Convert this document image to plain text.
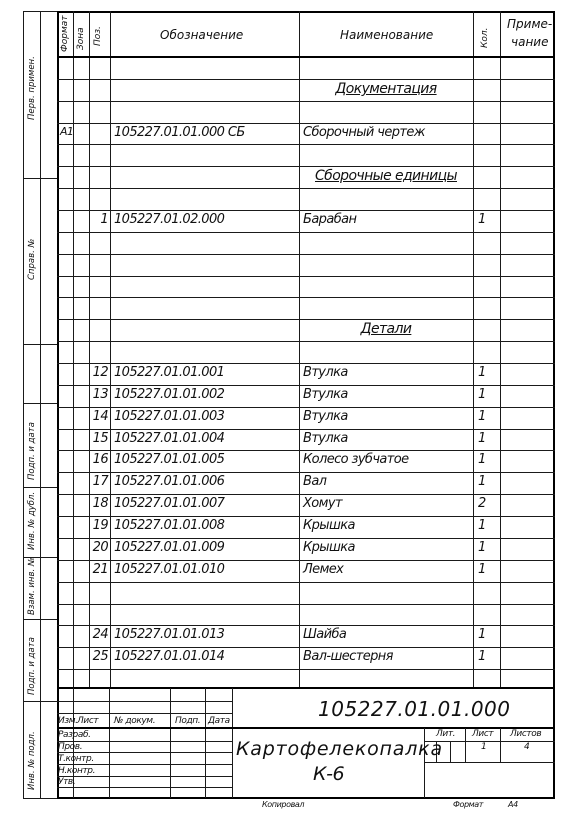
Перв. примен.
Справ. №
Подп. и дата
Инв. № дубл.
Взам. инв. №
Подп. и дата
Инв. № подл.
Формат Зона Поз.	Обозначение	Наименование	Кол.
Приме-
чание
Документация
А1	105227.01.01.000 СБ	Сборочный чертеж
Сборочные единицы
1 105227.01.02.000	Барабан	1
Детали
12 105227.01.01.001	Втулка	1
13 105227.01.01.002	Втулка	1
14 105227.01.01.003	Втулка	1
15 105227.01.01.004	Втулка	1
16 105227.01.01.005	Колесо зубчатое	1
17 105227.01.01.006	Вал	1
18 105227.01.01.007	Хомут	2
19 105227.01.01.008	Крышка	1
20 105227.01.01.009	Крышка	1
21 105227.01.01.010	Лемех	1
24 105227.01.01.013	Шайба	1
25 105227.01.01.014	Вал-шестерня	1
105227.01.01.000
Изм. Лист № докум. Подп. Дата
Разраб.
Пров.
Т.контр.
Н.контр.
Утв.
Картофелекопалка
К-6
Лит. Лист Листов
1	4
Копировал	Формат	А4
